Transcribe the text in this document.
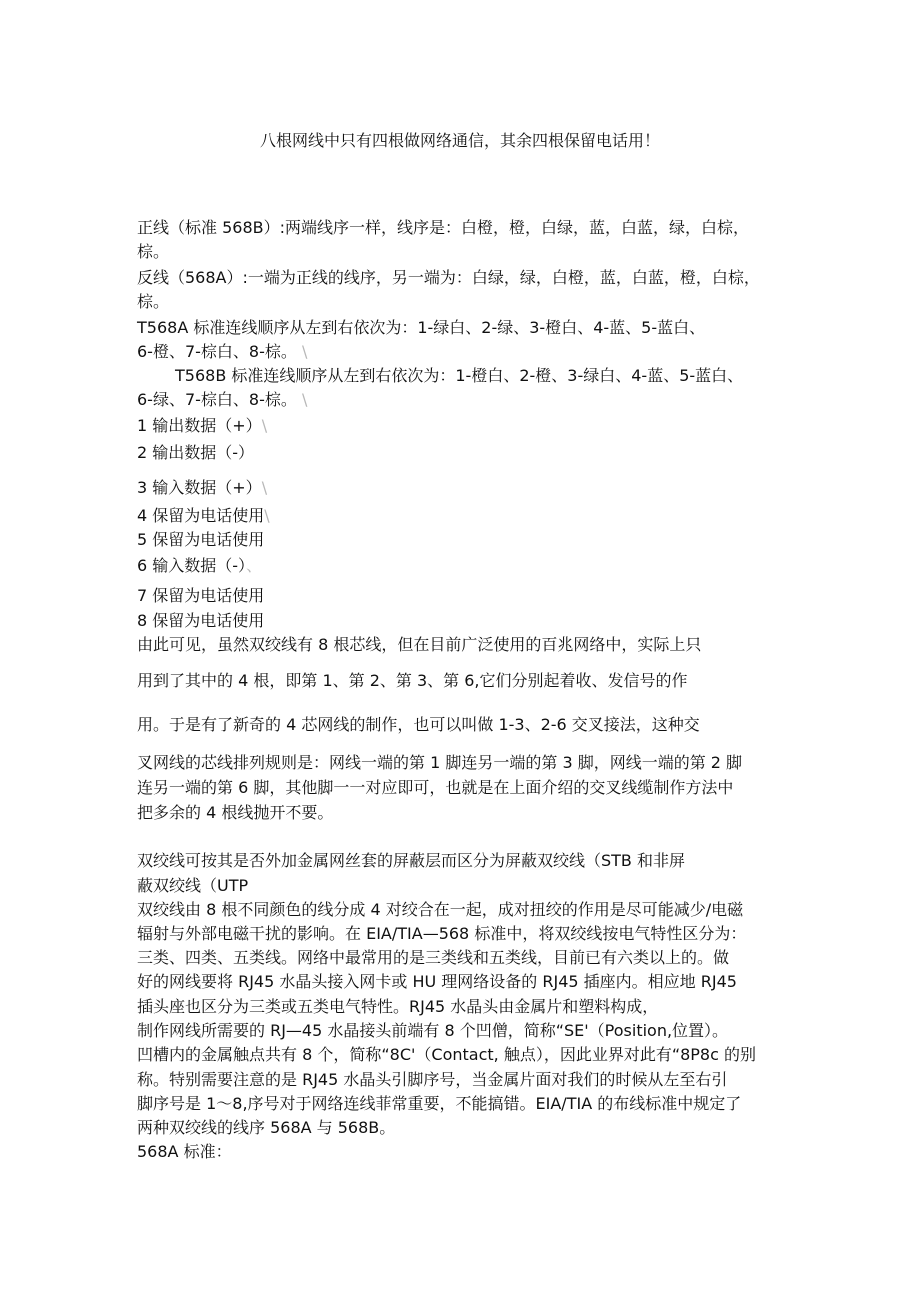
八根网线中只有四根做网络通信，其余四根保留电话用！
正线（标准 568B）:两端线序一样，线序是：白橙，橙，白绿，蓝，白蓝，绿，白棕，
棕。
反线（568A）:一端为正线的线序，另一端为：白绿，绿，白橙，蓝，白蓝，橙，白棕，
棕。
T568A 标准连线顺序从左到右依次为：1-绿白、2-绿、3-橙白、4-蓝、5-蓝白、
6-橙、7-棕白、8-棕。 \
T568B 标准连线顺序从左到右依次为：1-橙白、2-橙、3-绿白、4-蓝、5-蓝白、
6-绿、7-棕白、8-棕。 \
1 输出数据（+）\
2 输出数据（-）
3 输入数据（+）\
4 保留为电话使用\
5 保留为电话使用
6 输入数据（-）、
7 保留为电话使用
8 保留为电话使用
由此可见，虽然双绞线有 8 根芯线，但在目前广泛使用的百兆网络中，实际上只
用到了其中的 4 根，即第 1、第 2、第 3、第 6,它们分别起着收、发信号的作
用。于是有了新奇的 4 芯网线的制作，也可以叫做 1-3、2-6 交叉接法，这种交
叉网线的芯线排列规则是：网线一端的第 1 脚连另一端的第 3 脚，网线一端的第 2 脚
连另一端的第 6 脚，其他脚一一对应即可，也就是在上面介绍的交叉线缆制作方法中
把多余的 4 根线抛开不要。
双绞线可按其是否外加金属网丝套的屏蔽层而区分为屏蔽双绞线（STB 和非屏
蔽双绞线（UTP
双绞线由 8 根不同颜色的线分成 4 对绞合在一起，成对扭绞的作用是尽可能减少/电磁
辐射与外部电磁干扰的影响。在 EIA/TIA—568 标准中，将双绞线按电气特性区分为：
三类、四类、五类线。网络中最常用的是三类线和五类线，目前已有六类以上的。做
好的网线要将 RJ45 水晶头接入网卡或 HU 理网络设备的 RJ45 插座内。相应地 RJ45
插头座也区分为三类或五类电气特性。RJ45 水晶头由金属片和塑料构成，
制作网线所需要的 RJ—45 水晶接头前端有 8 个凹僧，简称“SE'（Position,位置）。
凹槽内的金属触点共有 8 个，简称“8C'（Contact, 触点），因此业界对此有“8P8c 的别
称。特别需要注意的是 RJ45 水晶头引脚序号，当金属片面对我们的时候从左至右引
脚序号是 1〜8,序号对于网络连线菲常重要，不能搞错。EIA/TIA 的布线标准中规定了
两种双绞线的线序 568A 与 568B。
568A 标准：
